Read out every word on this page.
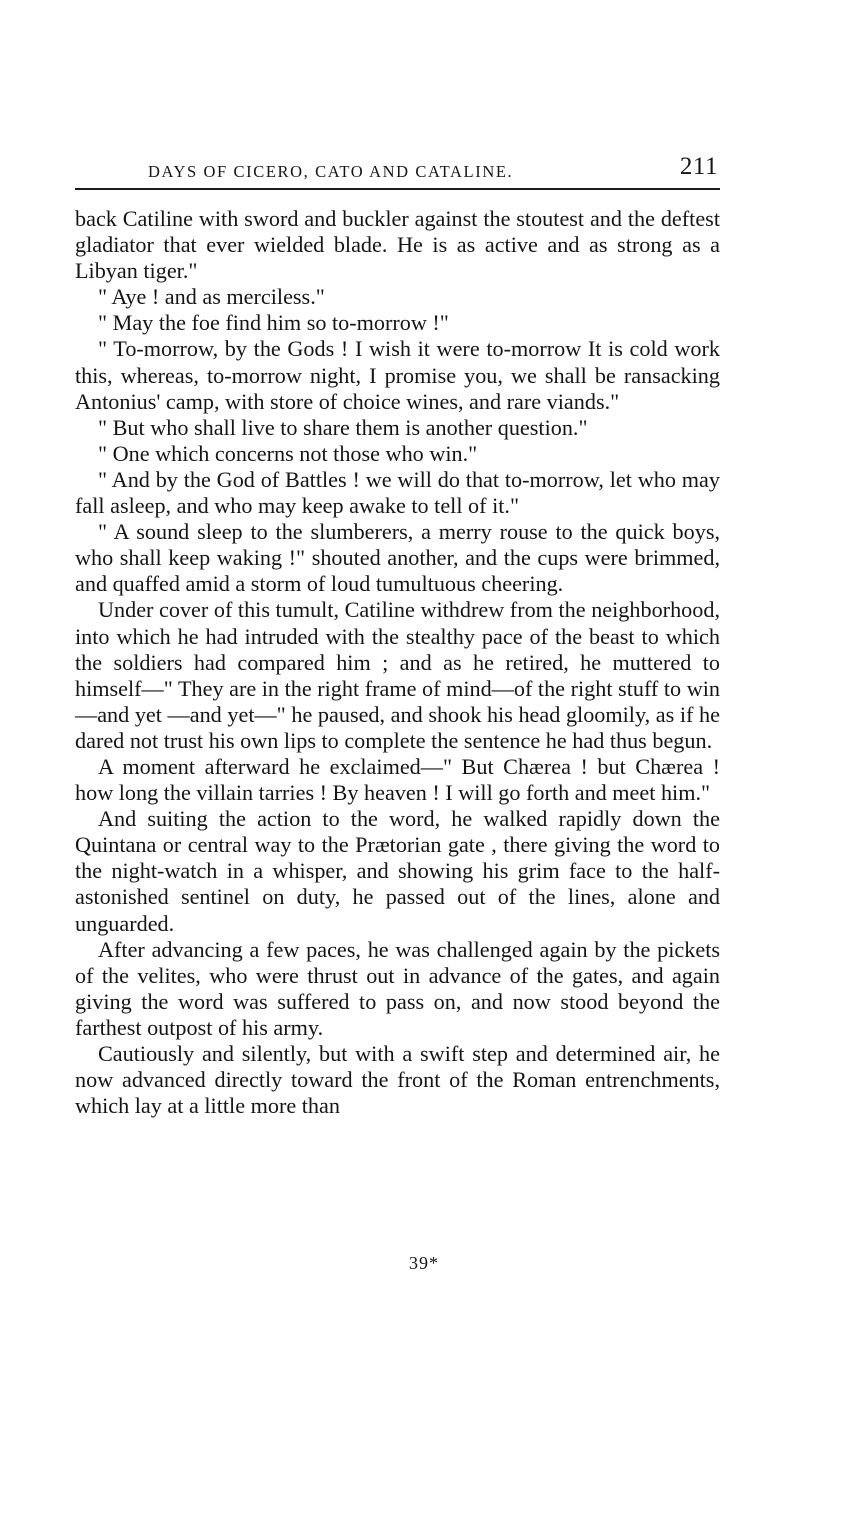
DAYS OF CICERO, CATO AND CATALINE.	211

back Catiline with sword and buckler against the stoutest and the deftest gladiator that ever wielded blade. He is as active and as strong as a Libyan tiger."

" Aye ! and as merciless."

" May the foe find him so to-morrow !"

" To-morrow, by the Gods ! I wish it were to-morrow It is cold work this, whereas, to-morrow night, I promise you, we shall be ransacking Antonius' camp, with store of choice wines, and rare viands."

" But who shall live to share them is another question."

" One which concerns not those who win."

" And by the God of Battles ! we will do that to-morrow, let who may fall asleep, and who may keep awake to tell of it."

" A sound sleep to the slumberers, a merry rouse to the quick boys, who shall keep waking !" shouted another, and the cups were brimmed, and quaffed amid a storm of loud tumultuous cheering.

Under cover of this tumult, Catiline withdrew from the neighborhood, into which he had intruded with the stealthy pace of the beast to which the soldiers had compared him ; and as he retired, he muttered to himself—" They are in the right frame of mind—of the right stuff to win—and yet —and yet—" he paused, and shook his head gloomily, as if he dared not trust his own lips to complete the sentence he had thus begun.

A moment afterward he exclaimed—" But Chærea ! but Chærea ! how long the villain tarries ! By heaven ! I will go forth and meet him."

And suiting the action to the word, he walked rapidly down the Quintana or central way to the Prætorian gate , there giving the word to the night-watch in a whisper, and showing his grim face to the half-astonished sentinel on duty, he passed out of the lines, alone and unguarded.

After advancing a few paces, he was challenged again by the pickets of the velites, who were thrust out in advance of the gates, and again giving the word was suffered to pass on, and now stood beyond the farthest outpost of his army.

Cautiously and silently, but with a swift step and determined air, he now advanced directly toward the front of the Roman entrenchments, which lay at a little more than

39*
